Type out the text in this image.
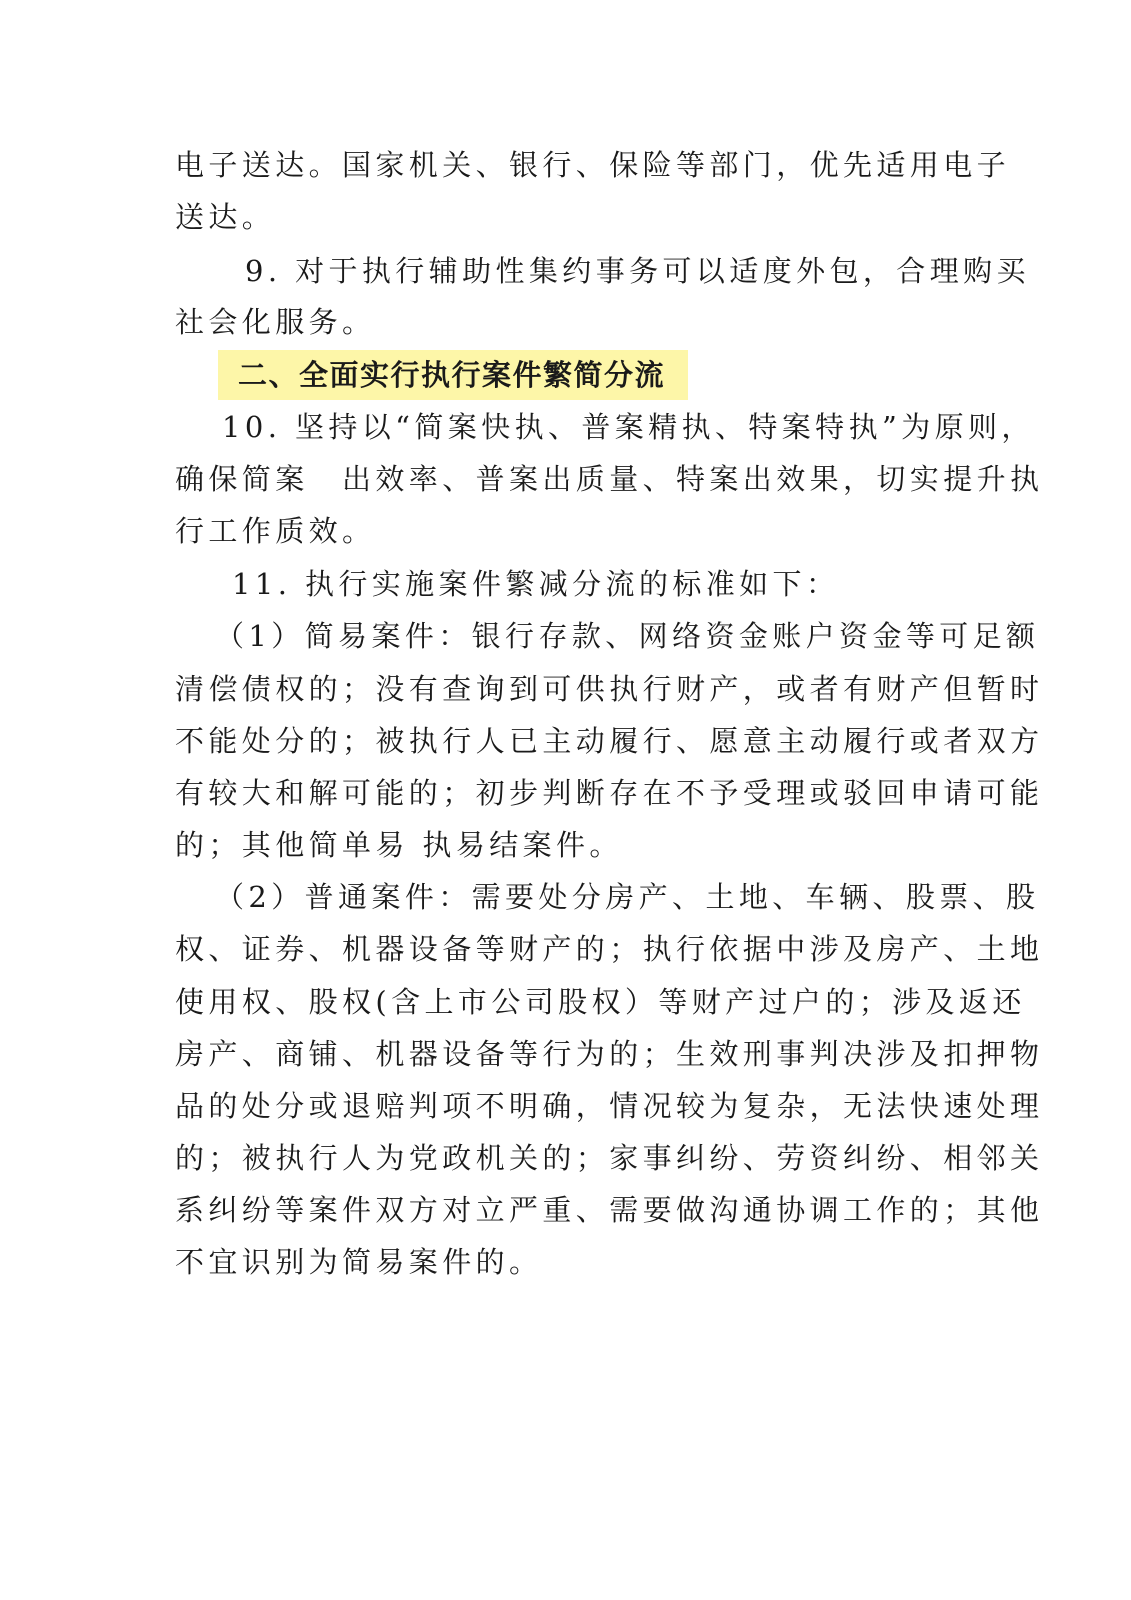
电子送达。国家机关、银行、保险等部门，优先适用电子
送达。
9. 对于执行辅助性集约事务可以适度外包，合理购买
社会化服务。
二、全面实行执行案件繁简分流
10. 坚持以“简案快执、普案精执、特案特执”为原则，
确保简案　出效率、普案出质量、特案出效果，切实提升执
行工作质效。
11. 执行实施案件繁减分流的标准如下：
（1）简易案件：银行存款、网络资金账户资金等可足额
清偿债权的；没有查询到可供执行财产，或者有财产但暂时
不能处分的；被执行人已主动履行、愿意主动履行或者双方
有较大和解可能的；初步判断存在不予受理或驳回申请可能
的；其他简单易 执易结案件。
（2）普通案件：需要处分房产、土地、车辆、股票、股
权、证券、机器设备等财产的；执行依据中涉及房产、土地
使用权、股权(含上市公司股权）等财产过户的；涉及返还
房产、商铺、机器设备等行为的；生效刑事判决涉及扣押物
品的处分或退赔判项不明确，情况较为复杂，无法快速处理
的；被执行人为党政机关的；家事纠纷、劳资纠纷、相邻关
系纠纷等案件双方对立严重、需要做沟通协调工作的；其他
不宜识别为简易案件的。
